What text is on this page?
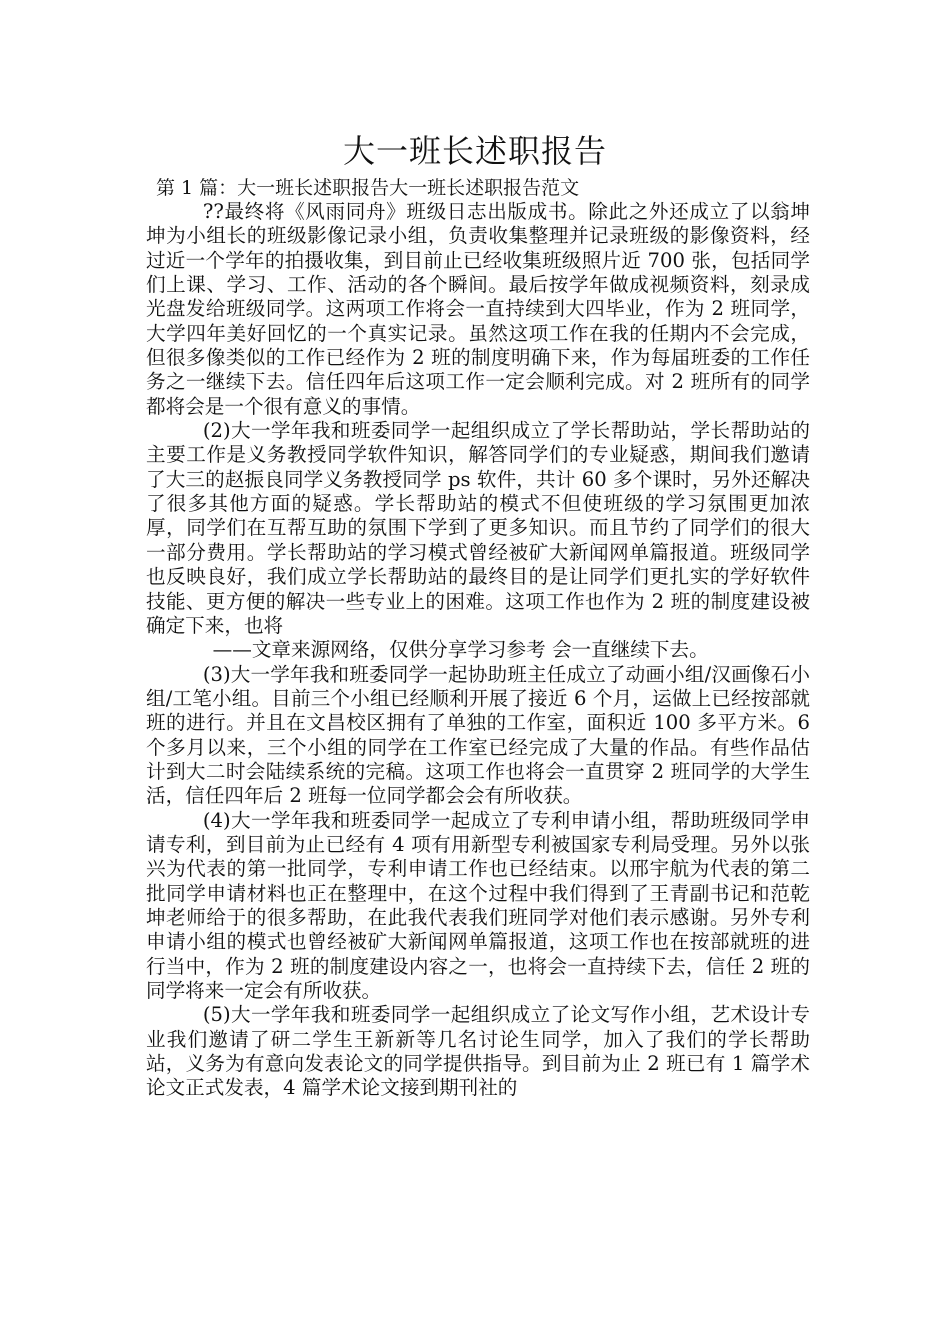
大一班长述职报告
第 1 篇：大一班长述职报告大一班长述职报告范文

??最终将《风雨同舟》班级日志出版成书。除此之外还成立了以翁坤坤为小组长的班级影像记录小组，负责收集整理并记录班级的影像资料，经过近一个学年的拍摄收集，到目前止已经收集班级照片近 700 张，包括同学们上课、学习、工作、活动的各个瞬间。最后按学年做成视频资料，刻录成光盘发给班级同学。这两项工作将会一直持续到大四毕业，作为 2 班同学，大学四年美好回忆的一个真实记录。虽然这项工作在我的任期内不会完成，但很多像类似的工作已经作为 2 班的制度明确下来，作为每届班委的工作任务之一继续下去。信任四年后这项工作一定会顺利完成。对 2 班所有的同学都将会是一个很有意义的事情。

(2)大一学年我和班委同学一起组织成立了学长帮助站，学长帮助站的主要工作是义务教授同学软件知识，解答同学们的专业疑惑，期间我们邀请了大三的赵振良同学义务教授同学 ps 软件，共计 60 多个课时，另外还解决了很多其他方面的疑惑。学长帮助站的模式不但使班级的学习氛围更加浓厚，同学们在互帮互助的氛围下学到了更多知识。而且节约了同学们的很大一部分费用。学长帮助站的学习模式曾经被矿大新闻网单篇报道。班级同学也反映良好，我们成立学长帮助站的最终目的是让同学们更扎实的学好软件技能、更方便的解决一些专业上的困难。这项工作也作为 2 班的制度建设被确定下来，也将

——文章来源网络，仅供分享学习参考 会一直继续下去。

(3)大一学年我和班委同学一起协助班主任成立了动画小组/汉画像石小组/工笔小组。目前三个小组已经顺利开展了接近 6 个月，运做上已经按部就班的进行。并且在文昌校区拥有了单独的工作室，面积近 100 多平方米。6 个多月以来，三个小组的同学在工作室已经完成了大量的作品。有些作品估计到大二时会陆续系统的完稿。这项工作也将会一直贯穿 2 班同学的大学生活，信任四年后 2 班每一位同学都会会有所收获。

(4)大一学年我和班委同学一起成立了专利申请小组，帮助班级同学申请专利，到目前为止已经有 4 项有用新型专利被国家专利局受理。另外以张兴为代表的第一批同学，专利申请工作也已经结束。以邢宇航为代表的第二批同学申请材料也正在整理中，在这个过程中我们得到了王青副书记和范乾坤老师给于的很多帮助，在此我代表我们班同学对他们表示感谢。另外专利申请小组的模式也曾经被矿大新闻网单篇报道，这项工作也在按部就班的进行当中，作为 2 班的制度建设内容之一，也将会一直持续下去，信任 2 班的同学将来一定会有所收获。

(5)大一学年我和班委同学一起组织成立了论文写作小组，艺术设计专业我们邀请了研二学生王新新等几名讨论生同学，加入了我们的学长帮助站，义务为有意向发表论文的同学提供指导。到目前为止 2 班已有 1 篇学术论文正式发表，4 篇学术论文接到期刊社的
